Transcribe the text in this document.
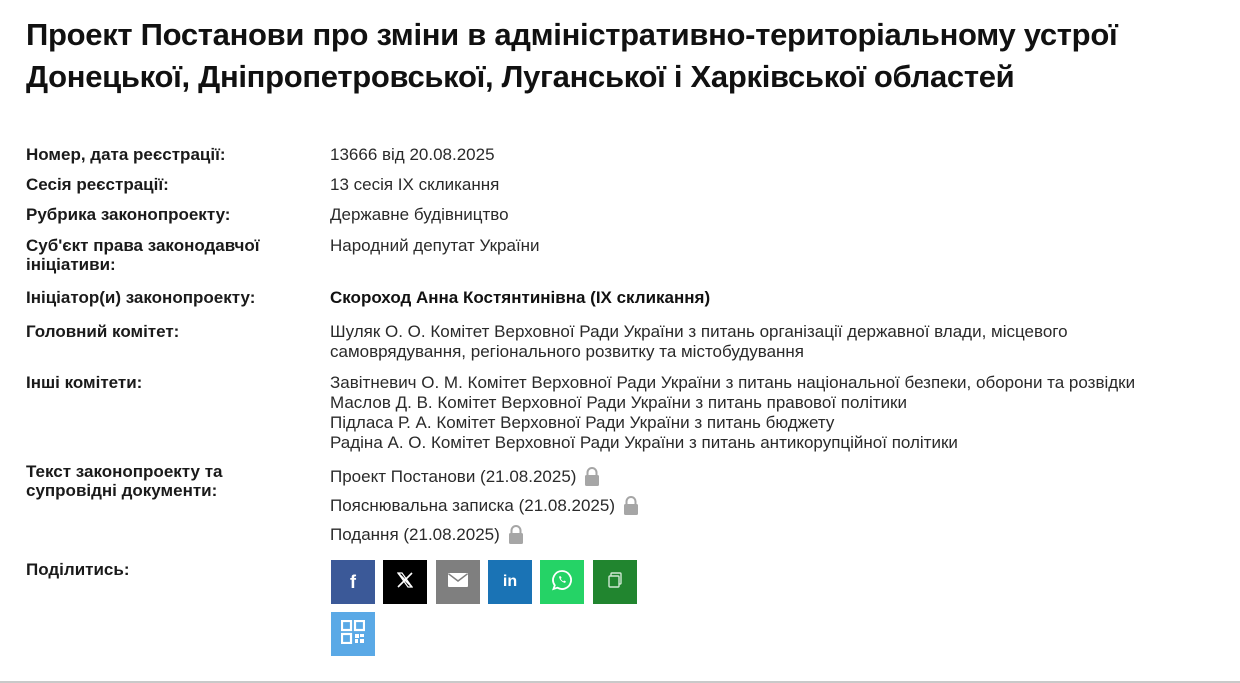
Проект Постанови про зміни в адміністративно-територіальному устрої Донецької, Дніпропетровської, Луганської і Харківської областей
Номер, дата реєстрації:	13666 від 20.08.2025
Сесія реєстрації:	13 сесія IX скликання
Рубрика законопроекту:	Державне будівництво
Суб'єкт права законодавчої ініціативи:
Народний депутат України
Ініціатор(и) законопроекту:	Скороход Анна Костянтинівна (IX скликання)
Головний комітет:	Шуляк О. О. Комітет Верховної Ради України з питань організації державної влади, місцевого самоврядування, регіонального розвитку та містобудування
Інші комітети:	Завітневич О. М. Комітет Верховної Ради України з питань національної безпеки, оборони та розвідки
Маслов Д. В. Комітет Верховної Ради України з питань правової політики
Підласа Р. А. Комітет Верховної Ради України з питань бюджету
Радіна А. О. Комітет Верховної Ради України з питань антикорупційної політики
Текст законопроекту та супровідні документи:
Проект Постанови (21.08.2025)
Пояснювальна записка (21.08.2025)
Подання (21.08.2025)
Поділитись:
f	in
